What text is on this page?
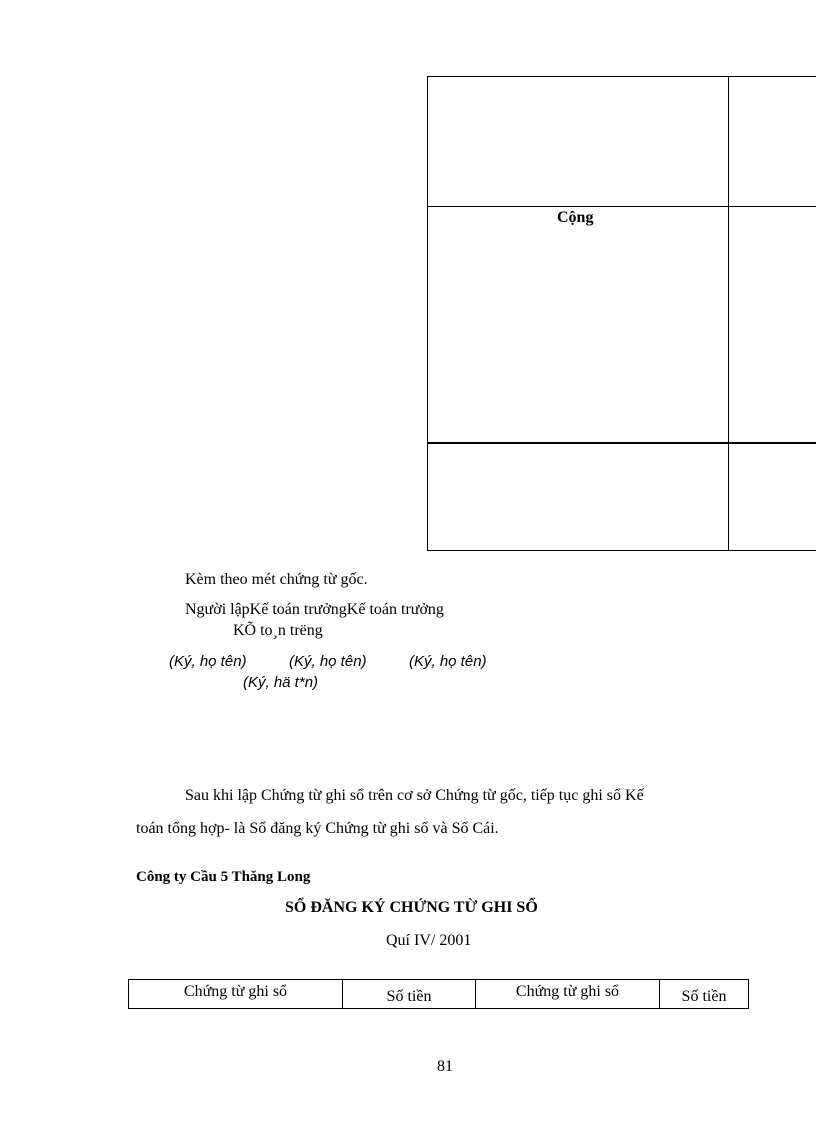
Cộng
Kèm theo mét chứng từ gốc.
Người lậpKế toán trưởngKế toán trưởng
KÕ to¸n trëng
(Ký, họ tên)	(Ký, họ tên)	(Ký, họ tên)
(Ký, hä t*n)
Sau khi lập Chứng từ ghi sổ trên cơ sở Chứng từ gốc, tiếp tục ghi sổ Kế
toán tổng hợp- là Sổ đăng ký Chứng từ ghi sổ và Sổ Cái.
Công ty Cầu 5 Thăng Long
SỔ ĐĂNG KÝ CHỨNG TỪ GHI SỔ
Quí IV/ 2001
Chứng từ ghi sổ	Số tiền	Chứng từ ghi sổ	Số tiền
81
